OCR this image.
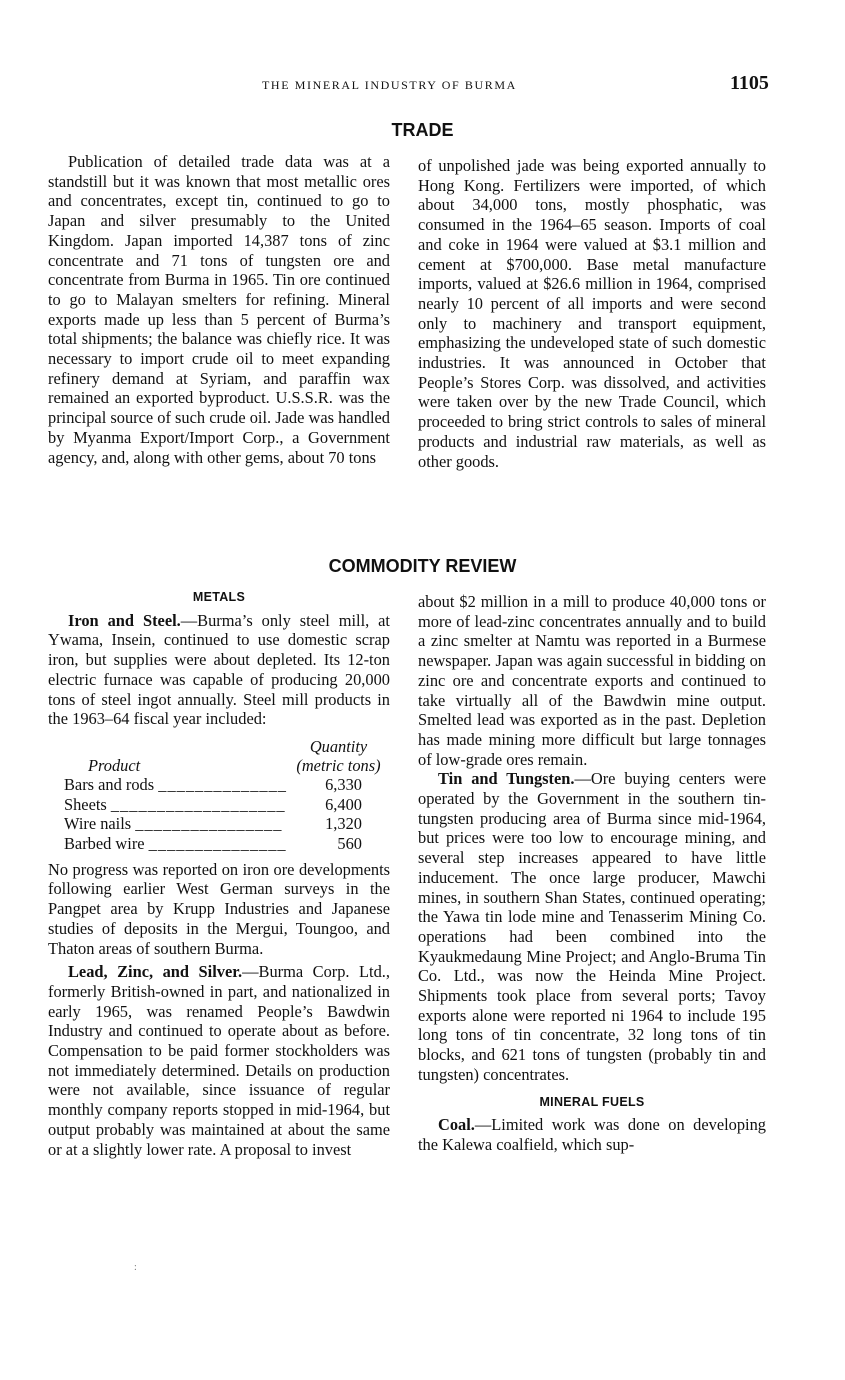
THE MINERAL INDUSTRY OF BURMA	1105
TRADE

Publication of detailed trade data was at a standstill but it was known that most metallic ores and concentrates, except tin, continued to go to Japan and silver presumably to the United Kingdom. Japan imported 14,387 tons of zinc concentrate and 71 tons of tungsten ore and concentrate from Burma in 1965. Tin ore continued to go to Malayan smelters for refining. Mineral exports made up less than 5 percent of Burma’s total shipments; the balance was chiefly rice. It was necessary to import crude oil to meet expanding refinery demand at Syriam, and paraffin wax remained an exported byproduct. U.S.S.R. was the principal source of such crude oil. Jade was handled by Myanma Export/Import Corp., a Government agency, and, along with other gems, about 70 tons

of unpolished jade was being exported annually to Hong Kong. Fertilizers were imported, of which about 34,000 tons, mostly phosphatic, was consumed in the 1964–65 season. Imports of coal and coke in 1964 were valued at $3.1 million and cement at $700,000. Base metal manufacture imports, valued at $26.6 million in 1964, comprised nearly 10 percent of all imports and were second only to machinery and transport equipment, emphasizing the undeveloped state of such domestic industries. It was announced in October that People’s Stores Corp. was dissolved, and activities were taken over by the new Trade Council, which proceeded to bring strict controls to sales of mineral products and industrial raw materials, as well as other goods.

COMMODITY REVIEW
METALS

Iron and Steel.—Burma’s only steel mill, at Ywama, Insein, continued to use domestic scrap iron, but supplies were about depleted. Its 12-ton electric furnace was capable of producing 20,000 tons of steel ingot annually. Steel mill products in the 1963–64 fiscal year included:

Product	Quantity
(metric tons)
Bars and rods ______________	6,330
Sheets ___________________	6,400
Wire nails ________________	1,320
Barbed wire _______________	560

No progress was reported on iron ore developments following earlier West German surveys in the Pangpet area by Krupp Industries and Japanese studies of deposits in the Mergui, Toungoo, and Thaton areas of southern Burma.

Lead, Zinc, and Silver.—Burma Corp. Ltd., formerly British-owned in part, and nationalized in early 1965, was renamed People’s Bawdwin Industry and continued to operate about as before. Compensation to be paid former stockholders was not immediately determined. Details on production were not available, since issuance of regular monthly company reports stopped in mid-1964, but output probably was maintained at about the same or at a slightly lower rate. A proposal to invest

about $2 million in a mill to produce 40,000 tons or more of lead-zinc concentrates annually and to build a zinc smelter at Namtu was reported in a Burmese newspaper. Japan was again successful in bidding on zinc ore and concentrate exports and continued to take virtually all of the Bawdwin mine output. Smelted lead was exported as in the past. Depletion has made mining more difficult but large tonnages of low-grade ores remain.

Tin and Tungsten.—Ore buying centers were operated by the Government in the southern tin-tungsten producing area of Burma since mid-1964, but prices were too low to encourage mining, and several step increases appeared to have little inducement. The once large producer, Mawchi mines, in southern Shan States, continued operating; the Yawa tin lode mine and Tenasserim Mining Co. operations had been combined into the Kyaukmedaung Mine Project; and Anglo-Bruma Tin Co. Ltd., was now the Heinda Mine Project. Shipments took place from several ports; Tavoy exports alone were reported ni 1964 to include 195 long tons of tin concentrate, 32 long tons of tin blocks, and 621 tons of tungsten (probably tin and tungsten) concentrates.

MINERAL FUELS

Coal.—Limited work was done on developing the Kalewa coalfield, which sup-

:
